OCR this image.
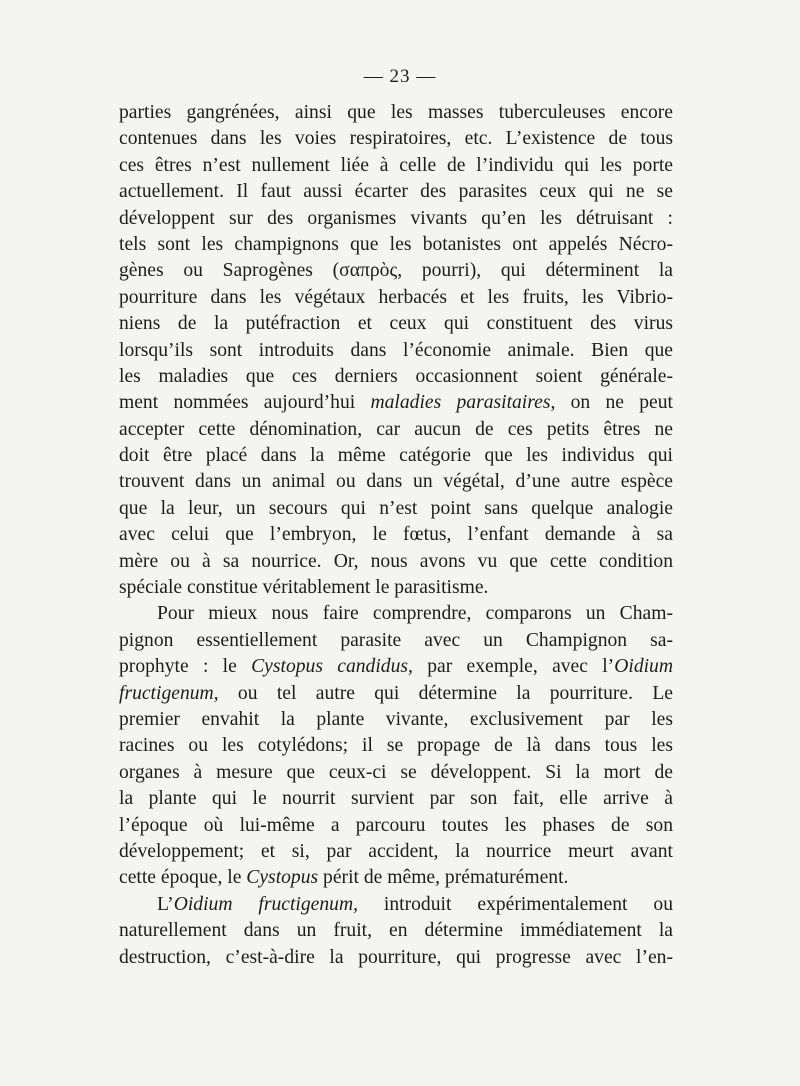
— 23 —
parties gangrénées, ainsi que les masses tuberculeuses encore
contenues dans les voies respiratoires, etc. L’existence de tous
ces êtres n’est nullement liée à celle de l’individu qui les porte
actuellement. Il faut aussi écarter des parasites ceux qui ne se
développent sur des organismes vivants qu’en les détruisant :
tels sont les champignons que les botanistes ont appelés Nécro-
gènes ou Saprogènes (σαπρὸς, pourri), qui déterminent la
pourriture dans les végétaux herbacés et les fruits, les Vibrio-
niens de la putéfraction et ceux qui constituent des virus
lorsqu’ils sont introduits dans l’économie animale. Bien que
les maladies que ces derniers occasionnent soient générale-
ment nommées aujourd’hui maladies parasitaires, on ne peut
accepter cette dénomination, car aucun de ces petits êtres ne
doit être placé dans la même catégorie que les individus qui
trouvent dans un animal ou dans un végétal, d’une autre espèce
que la leur, un secours qui n’est point sans quelque analogie
avec celui que l’embryon, le fœtus, l’enfant demande à sa
mère ou à sa nourrice. Or, nous avons vu que cette condition
spéciale constitue véritablement le parasitisme.
Pour mieux nous faire comprendre, comparons un Cham-
pignon essentiellement parasite avec un Champignon sa-
prophyte : le Cystopus candidus, par exemple, avec l’Oidium
fructigenum, ou tel autre qui détermine la pourriture. Le
premier envahit la plante vivante, exclusivement par les
racines ou les cotylédons; il se propage de là dans tous les
organes à mesure que ceux-ci se développent. Si la mort de
la plante qui le nourrit survient par son fait, elle arrive à
l’époque où lui-même a parcouru toutes les phases de son
développement; et si, par accident, la nourrice meurt avant
cette époque, le Cystopus périt de même, prématurément.
L’Oidium fructigenum, introduit expérimentalement ou
naturellement dans un fruit, en détermine immédiatement la
destruction, c’est-à-dire la pourriture, qui progresse avec l’en-
